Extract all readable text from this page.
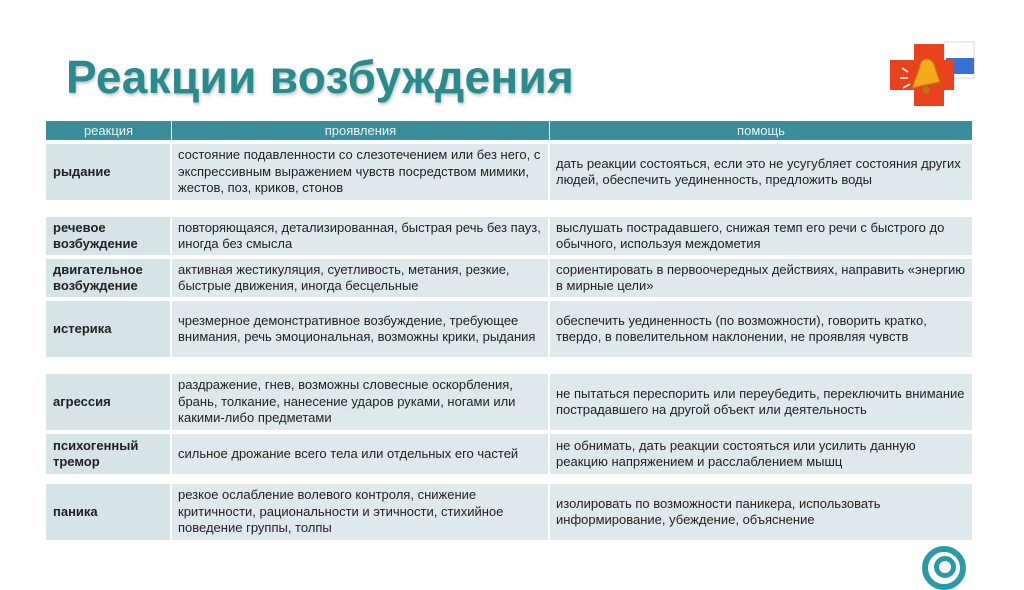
Реакции возбуждения
реакция	проявления	помощь
рыдание
состояние подавленности со слезотечением или без него, с экспрессивным выражением чувств посредством мимики, жестов, поз, криков, стонов
дать реакции состояться, если это не усугубляет состояния других людей, обеспечить уединенность, предложить воды
речевое возбуждение
повторяющаяся, детализированная, быстрая речь без пауз, иногда без смысла
выслушать пострадавшего, снижая темп его речи с быстрого до обычного, используя междометия
двигательное возбуждение
активная жестикуляция, суетливость, метания, резкие, быстрые движения, иногда бесцельные
сориентировать в первоочередных действиях, направить «энергию в мирные цели»
истерика
чрезмерное демонстративное возбуждение, требующее внимания, речь эмоциональная, возможны крики, рыдания
обеспечить уединенность (по возможности), говорить кратко, твердо, в повелительном наклонении, не проявляя чувств
агрессия
раздражение, гнев, возможны словесные оскорбления, брань, толкание, нанесение ударов руками, ногами или какими-либо предметами
не пытаться переспорить или переубедить, переключить внимание пострадавшего на другой объект или деятельность
психогенный тремор
сильное дрожание всего тела или отдельных его частей
не обнимать, дать реакции состояться или усилить данную реакцию напряжением и расслаблением мышц
паника
резкое ослабление волевого контроля, снижение критичности, рациональности и этичности, стихийное поведение группы, толпы
изолировать по возможности паникера, использовать информирование, убеждение, объяснение
